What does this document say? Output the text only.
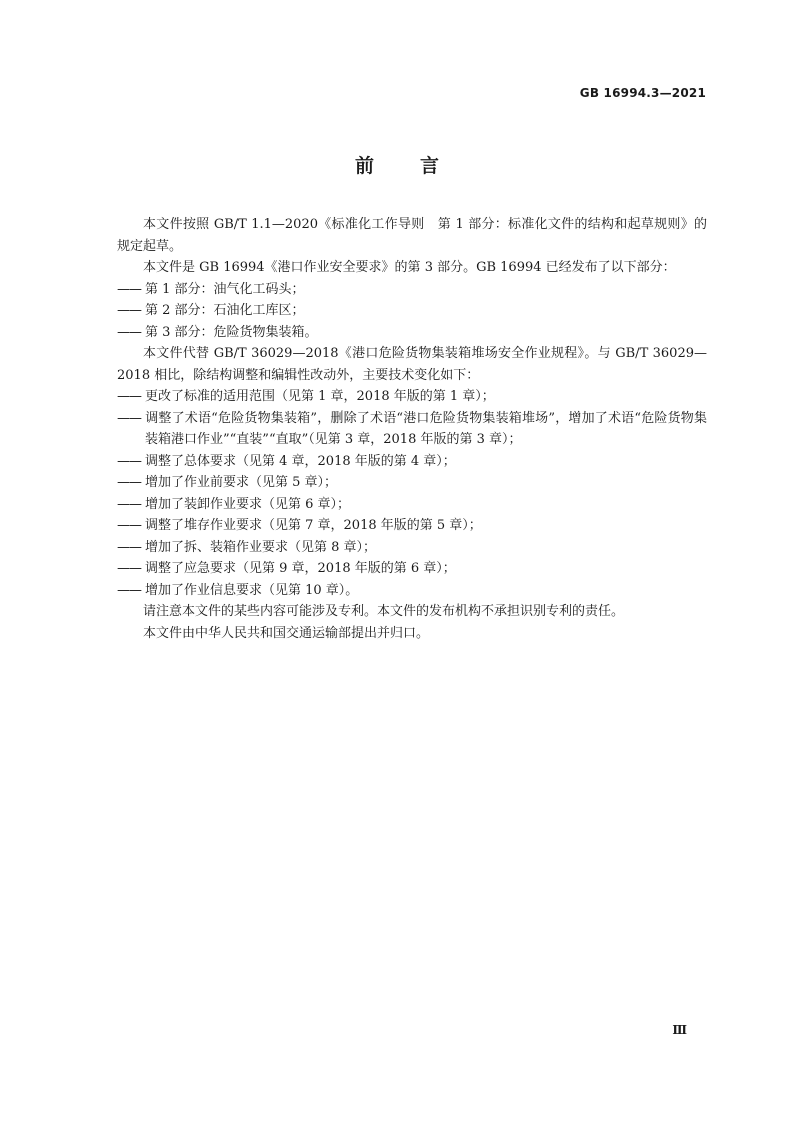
GB 16994.3—2021
前言

本文件按照 GB/T 1.1—2020《标准化工作导则　第 1 部分：标准化文件的结构和起草规则》的规定起草。

本文件是 GB 16994《港口作业安全要求》的第 3 部分。GB 16994 已经发布了以下部分：

—— 第 1 部分：油气化工码头；

—— 第 2 部分：石油化工库区；

—— 第 3 部分：危险货物集装箱。

本文件代替 GB/T 36029—2018《港口危险货物集装箱堆场安全作业规程》。与 GB/T 36029—2018 相比，除结构调整和编辑性改动外，主要技术变化如下：

—— 更改了标准的适用范围（见第 1 章，2018 年版的第 1 章）；

—— 调整了术语“危险货物集装箱”，删除了术语“港口危险货物集装箱堆场”，增加了术语“危险货物集装箱港口作业”“直装”“直取”（见第 3 章，2018 年版的第 3 章）；

—— 调整了总体要求（见第 4 章，2018 年版的第 4 章）；

—— 增加了作业前要求（见第 5 章）；

—— 增加了装卸作业要求（见第 6 章）；

—— 调整了堆存作业要求（见第 7 章，2018 年版的第 5 章）；

—— 增加了拆、装箱作业要求（见第 8 章）；

—— 调整了应急要求（见第 9 章，2018 年版的第 6 章）；

—— 增加了作业信息要求（见第 10 章）。

请注意本文件的某些内容可能涉及专利。本文件的发布机构不承担识别专利的责任。

本文件由中华人民共和国交通运输部提出并归口。

Ⅲ
